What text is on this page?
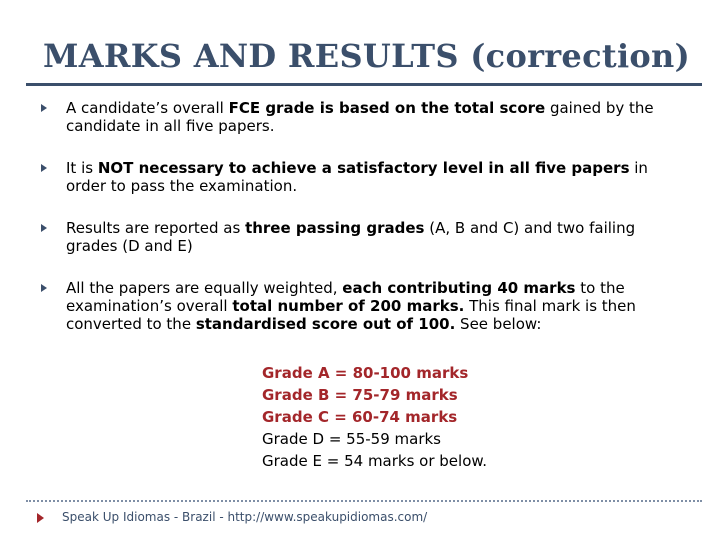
MARKS AND RESULTS (correction)
A candidate’s overall FCE grade is based on the total score gained by the candidate in all five papers.
It is NOT necessary to achieve a satisfactory level in all five papers in order to pass the examination.
Results are reported as three passing grades (A, B and C) and two failing grades (D and E)
All the papers are equally weighted, each contributing 40 marks to the examination’s overall total number of 200 marks. This final mark is then converted to the standardised score out of 100. See below:
Grade A = 80-100 marks
Grade B = 75-79 marks
Grade C = 60-74 marks
Grade D = 55-59 marks
Grade E = 54 marks or below.
Speak Up Idiomas - Brazil - http://www.speakupidiomas.com/
